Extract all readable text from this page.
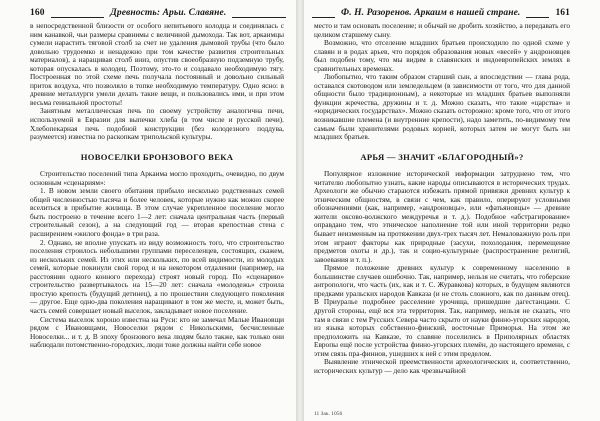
160	Древность: Арьи. Славяне.

в непосредственной близости от особого непитьевого колодца и соединялась с ним канавкой, чьи размеры сравнимы с величиной дымохода. Так вот, аркаимцы сумели нарастить тяговой столб за счет не удаления дымовой трубы (что было довольно трудоемко и ненадежно при том качестве развития строительных материалов), а наращивая столб вниз, опустив своеобразную подземную трубу, которая опускалась в колодец. Поэтому, это-то и создавало необходимую тягу. Построенная по этой схеме печь получала постоянный и довольно сильный приток воздуха, что позволяло в топке необходимую температуру. Одно ясно: в древние металлурги умели делать такие вещи, и пользовались ими, и при этом весьма гениальной простоты!

Занятным металлическая печь по своему устройству аналогична печи, используемой в Евразии для выпечки хлеба (в том числе и русской печи). Хлебопекарная печь подобной конструкции (без колодезного поддува, разумеется) известна по раскопкам трипольской культуры.

НОВОСЕЛКИ БРОНЗОВОГО ВЕКА

Строительство поселений типа Аркаима могло проходить, очевидно, по двум основным «сценариям»:

1. В новом земли своего обитания прибыло несколько родственных семей общей численностью тысяча и более человек, которые нужно как можно скорее вселиться в прибытие жилища. В этом случае укрепленное поселение могло быть построено в течение всего 1—2 лет: сначала центральная часть (первый строительный сезон), а на следующий год — вторая крепостная стена с расширением «жилого фонда» в три раза.

2. Однако, не вполне упускать из виду возможность того, что строительство поселения строилось небольшими группами переселенцев, состоящих, скажем, из нескольких семей. Из этих или нескольких, по всей видимости, из молодых семей, которые покинули свой город и на некотором отдалении (например, на расстоянии одного конного перехода) строят новый город. По «сценарию» строительство развертывалось на 15—20 лет: сначала «молодежь» строила простую крепость (будущий детинец), а по прошествии следующего поколения — другое. Еще одно-два поколения наращивают в том же месте, и, может быть, часть семей совершает новый выселок, закладывает новое поселение.

Система выселок хорошо известна на Руси: кто не замечал Малые Ивановщи рядом с Ивановщами, Новоселки рядом с Никольскими, бесчисленные Новоселки... и т. д. В эпоху бронзового века людям было также, как только они наблюдали потомственно-городских, люди тоже должны найти себе новое

Ф. Н. Разоренов. Аркаим в нашей стране.	161

место и там основать поселение; и обычай не дробить хозяйство, а передавать его целиком старшему сыну.

Возможно, что отселение младших братьев происходило по одной схеме у славян и в родах арьев, что порядок образования новых «весей» у андроновцев был подобен тому, что мы видим в славянских и индоевропейских землях в сравнительных временах.

Любопытно, что таким образом старший сын, а впоследствии — глава рода, оставался скотоводом или земледельцем (в зависимости от того, что для данной общности было традиционным), а некоторые из младших братьев выполняли функции жречества, дружины и т. д. Можно сказать, что такие «царства» и «юридических государствах». Можно сказать осторожно: кроме того, что от этого возникавшие племена (и внутренние крепости), надо заметить, по-видимому тем самым были хранителями родовых корней, которых затем не могут быть ни младших братьев.

АРЬЯ — ЗНАЧИТ «БЛАГОРОДНЫЙ»?

Популярное изложение исторической информации затруднено тем, что читателю любопытно узнать, какие народы описываются в исторических трудах. Археологи же обычно стараются избежать прямой привязки древних культур к этническим общностям, в связи с чем, как правило, оперируют условными обозначениями (как, например, «андроновцы», или «фатьяновцы» — древние жители оксово-волжского междуречья и т. д.). Подобное «абстрагирование» оправдано тем, что этническое наполнение той или иной территории редко бывает неизменным на протяжении двух-трех тысяч лет. Немаловажную роль при этом играют факторы как природные (засухи, похолодания, перемещение предметов охоты и др.), так и социо-культурные (распространение религий, завоевания и т. п.).

Прямое положение древних культур к современному населению в большинстве случаев ошибочно. Так, например, нельзя не считать, что гоберские антропологи, что часть (их, как и т. С. Журавкова) которых, в будущем являются предками уральских народов Кавказа (и не столь сложного, как по данным отец). В Приуралье подробнее расселение урочища, пришедшие дагестанцами. С другой стороны, ещё вся эта территория. Так, например, нельзя не сказать, что там в связи с тем Русских Севера часто скрыто от науки финно-угорских народов, из языка которых собственно-финский, восточные Приморья. На этом же предположить на Кавказе, то славяне поселились в Приполярных областях Европы ещё после устройства финно-угорских племён, до настоящего времени, с этим связь пра-финнов, ушедших к ней с этим пределом.

Выявление этнической преемственности археологических и, соответственно, исторических культур — дело как чрезвычайной

11 Зак. 1056
